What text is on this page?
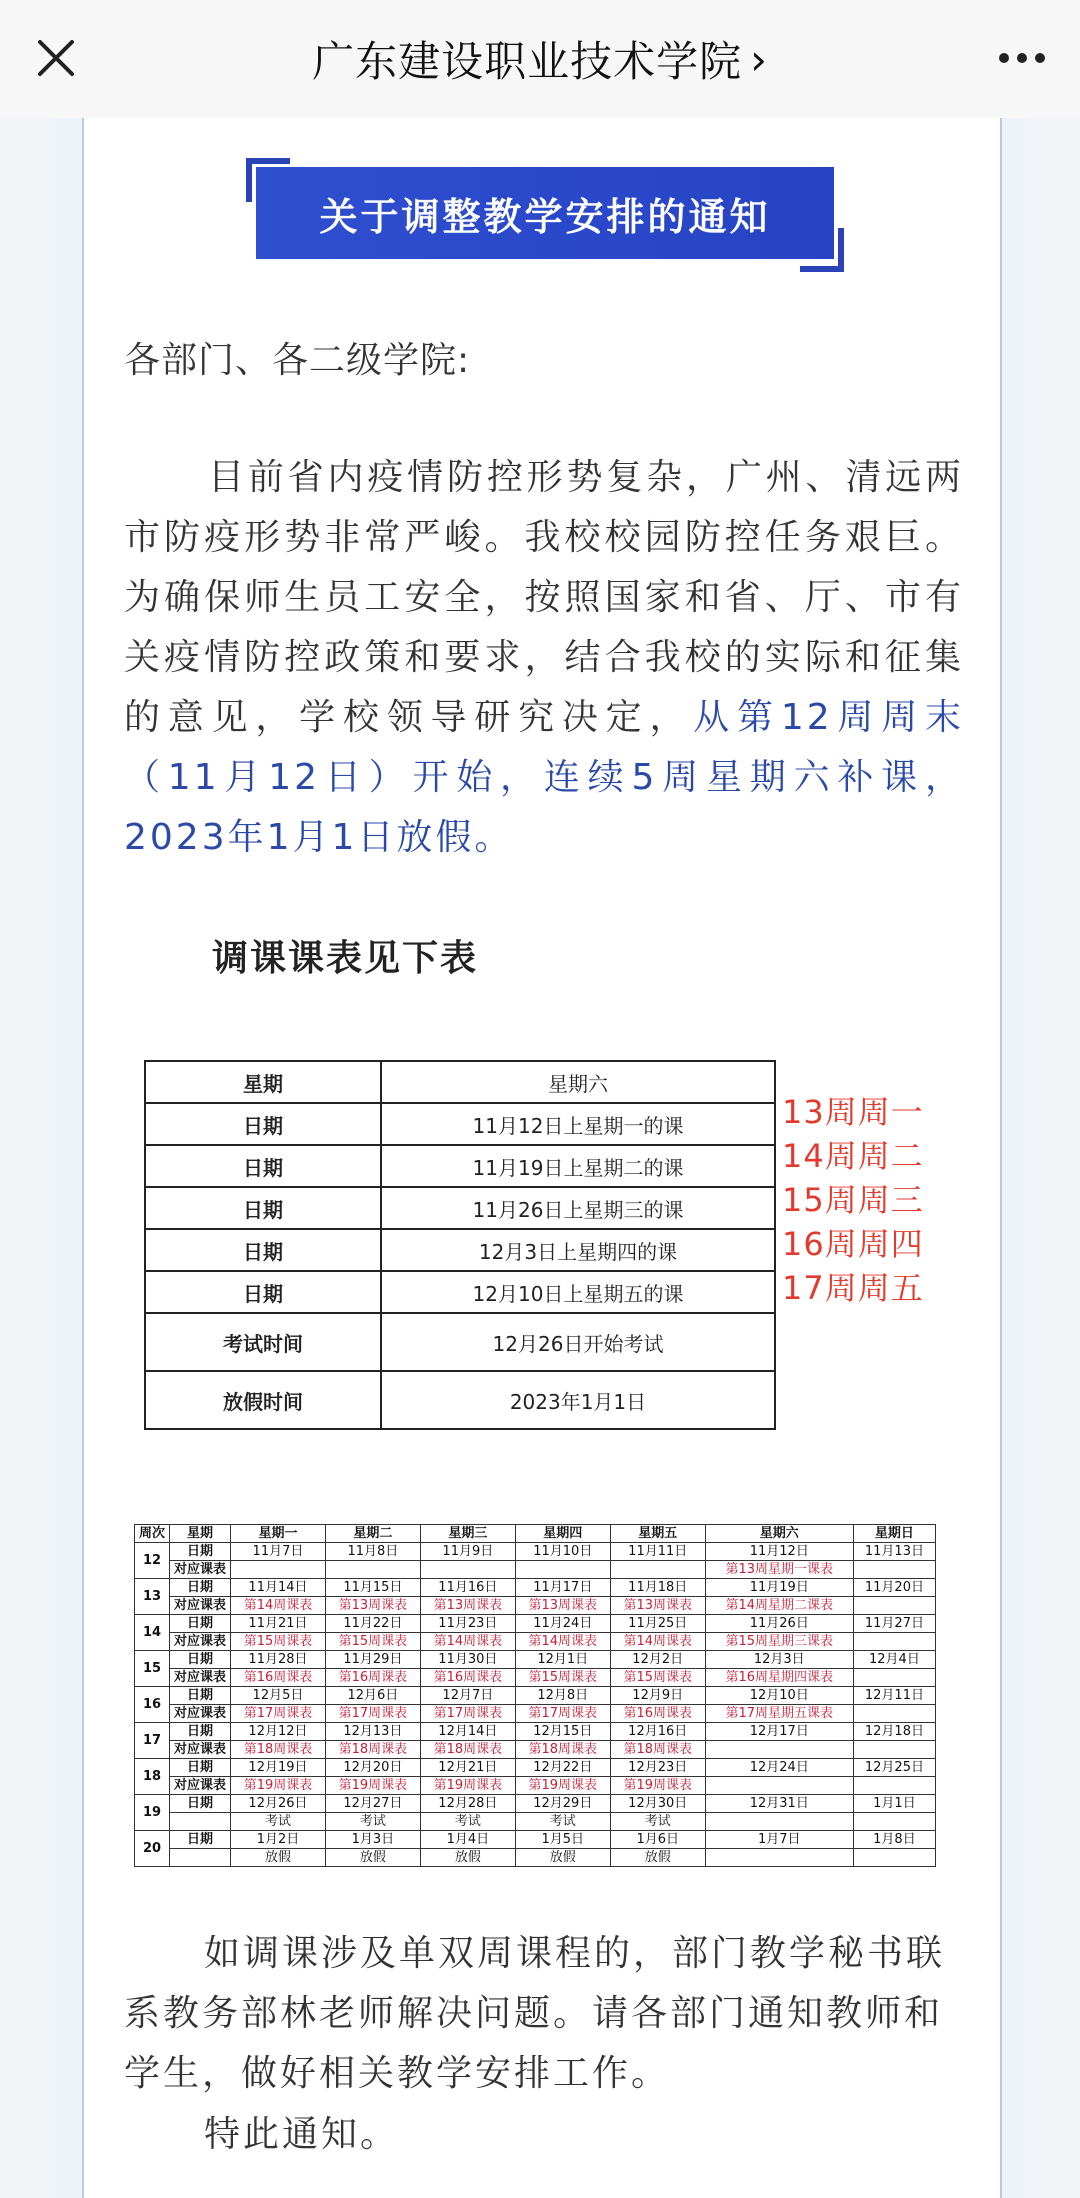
广东建设职业技术学院 ›
关于调整教学安排的通知
各部门、各二级学院:
目前省内疫情防控形势复杂，广州、清远两市防疫形势非常严峻。我校校园防控任务艰巨。为确保师生员工安全，按照国家和省、厅、市有关疫情防控政策和要求，结合我校的实际和征集的意见，学校领导研究决定，从第12周周末（11月12日）开始，连续5周星期六补课，2023年1月1日放假。
调课课表见下表
星期	星期六
日期	11月12日上星期一的课
日期	11月19日上星期二的课
日期	11月26日上星期三的课
日期	12月3日上星期四的课
日期	12月10日上星期五的课
考试时间	12月26日开始考试
放假时间	2023年1月1日
13周周一
14周周二
15周周三
16周周四
17周周五
周次	星期	星期一	星期二	星期三	星期四	星期五	星期六	星期日
12	日期	11月7日	11月8日	11月9日	11月10日	11月11日	11月12日	11月13日
	对应课表						第13周星期一课表	
13	日期	11月14日	11月15日	11月16日	11月17日	11月18日	11月19日	11月20日
	对应课表	第14周课表	第13周课表	第13周课表	第13周课表	第13周课表	第14周星期二课表	
14	日期	11月21日	11月22日	11月23日	11月24日	11月25日	11月26日	11月27日
	对应课表	第15周课表	第15周课表	第14周课表	第14周课表	第14周课表	第15周星期三课表	
15	日期	11月28日	11月29日	11月30日	12月1日	12月2日	12月3日	12月4日
	对应课表	第16周课表	第16周课表	第16周课表	第15周课表	第15周课表	第16周星期四课表	
16	日期	12月5日	12月6日	12月7日	12月8日	12月9日	12月10日	12月11日
	对应课表	第17周课表	第17周课表	第17周课表	第17周课表	第16周课表	第17周星期五课表	
17	日期	12月12日	12月13日	12月14日	12月15日	12月16日	12月17日	12月18日
	对应课表	第18周课表	第18周课表	第18周课表	第18周课表	第18周课表		
18	日期	12月19日	12月20日	12月21日	12月22日	12月23日	12月24日	12月25日
	对应课表	第19周课表	第19周课表	第19周课表	第19周课表	第19周课表		
19	日期	12月26日	12月27日	12月28日	12月29日	12月30日	12月31日	1月1日
		考试	考试	考试	考试	考试		
20	日期	1月2日	1月3日	1月4日	1月5日	1月6日	1月7日	1月8日
		放假	放假	放假	放假	放假		
如调课涉及单双周课程的，部门教学秘书联系教务部林老师解决问题。请各部门通知教师和学生，做好相关教学安排工作。
特此通知。
